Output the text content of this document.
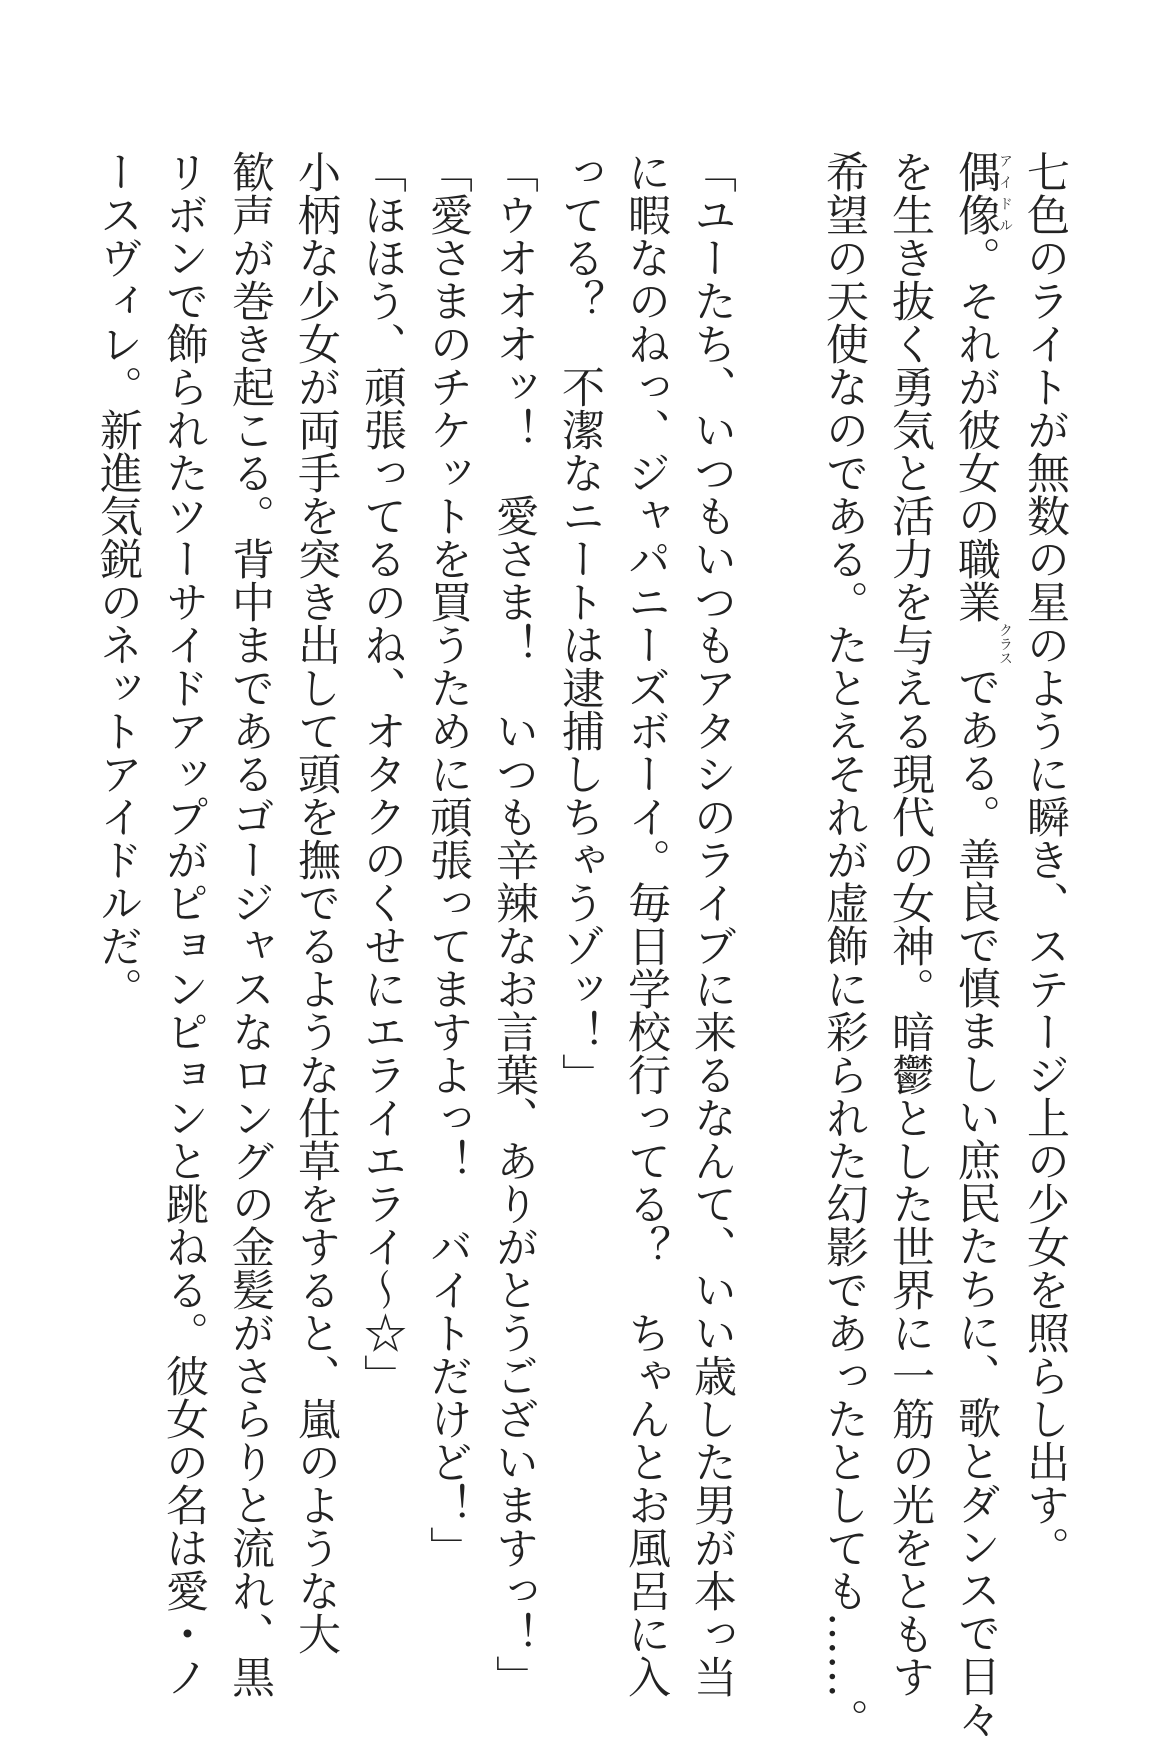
七色のライトが無数の星のように瞬き、ステージ上の少女を照らし出す。
偶像アイドル。それが彼女の職業クラスである。善良で慎ましい庶民たちに、歌とダンスで日々
を生き抜く勇気と活力を与える現代の女神。暗鬱とした世界に一筋の光をともす
希望の天使なのである。たとえそれが虚飾に彩られた幻影であったとしても……。
「ユーたち、いつもいつもアタシのライブに来るなんて、いい歳した男が本っ当
に暇なのねっ、ジャパニーズボーイ。毎日学校行ってる？　ちゃんとお風呂に入
ってる？　不潔なニートは逮捕しちゃうゾッ！」
「ウオオオッ！　愛さま！　いつも辛辣なお言葉、ありがとうございますっ！」
「愛さまのチケットを買うために頑張ってますよっ！　バイトだけど！」
「ほほう、頑張ってるのね、オタクのくせにエライエライ～☆」
小柄な少女が両手を突き出して頭を撫でるような仕草をすると、嵐のような大
歓声が巻き起こる。背中まであるゴージャスなロングの金髪がさらりと流れ、黒
リボンで飾られたツーサイドアップがピョンピョンと跳ねる。彼女の名は愛・ノ
ースヴィレ。新進気鋭のネットアイドルだ。
